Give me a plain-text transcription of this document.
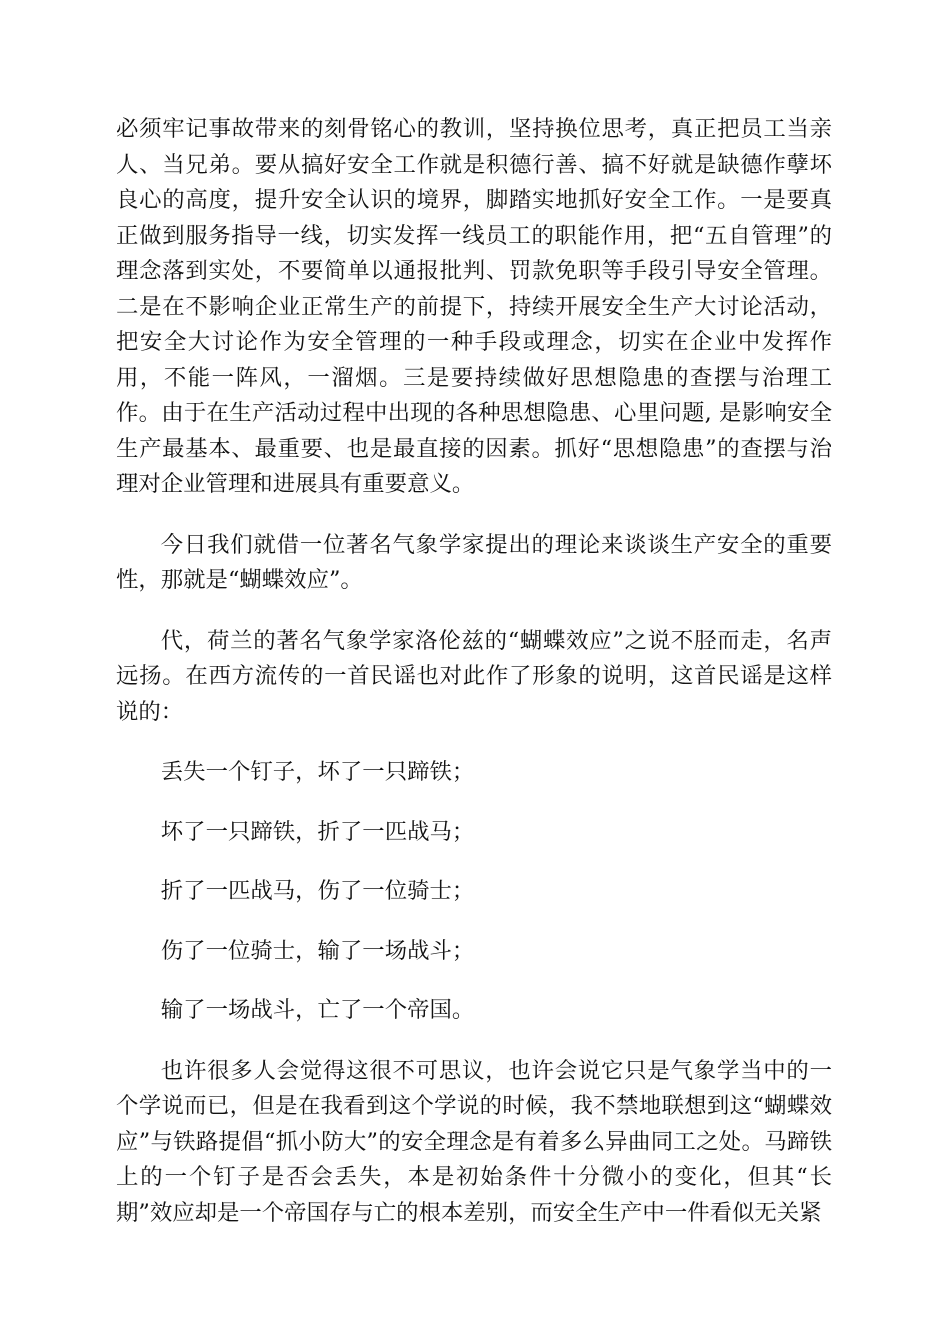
必须牢记事故带来的刻骨铭心的教训，坚持换位思考，真正把员工当亲人、当兄弟。要从搞好安全工作就是积德行善、搞不好就是缺德作孽坏良心的高度，提升安全认识的境界，脚踏实地抓好安全工作。一是要真正做到服务指导一线，切实发挥一线员工的职能作用，把“五自管理”的理念落到实处，不要简单以通报批判、罚款免职等手段引导安全管理。二是在不影响企业正常生产的前提下，持续开展安全生产大讨论活动，把安全大讨论作为安全管理的一种手段或理念，切实在企业中发挥作用，不能一阵风，一溜烟。三是要持续做好思想隐患的查摆与治理工作。由于在生产活动过程中出现的各种思想隐患、心里问题, 是影响安全生产最基本、最重要、也是最直接的因素。抓好“思想隐患”的查摆与治理对企业管理和进展具有重要意义。

今日我们就借一位著名气象学家提出的理论来谈谈生产安全的重要性，那就是“蝴蝶效应”。

代，荷兰的著名气象学家洛伦兹的“蝴蝶效应”之说不胫而走，名声远扬。在西方流传的一首民谣也对此作了形象的说明，这首民谣是这样说的：

丢失一个钉子，坏了一只蹄铁；

坏了一只蹄铁，折了一匹战马；

折了一匹战马，伤了一位骑士；

伤了一位骑士，输了一场战斗；

输了一场战斗，亡了一个帝国。

也许很多人会觉得这很不可思议，也许会说它只是气象学当中的一个学说而已，但是在我看到这个学说的时候，我不禁地联想到这“蝴蝶效应”与铁路提倡“抓小防大”的安全理念是有着多么异曲同工之处。马蹄铁上的一个钉子是否会丢失，本是初始条件十分微小的变化，但其“长期”效应却是一个帝国存与亡的根本差别，而安全生产中一件看似无关紧
